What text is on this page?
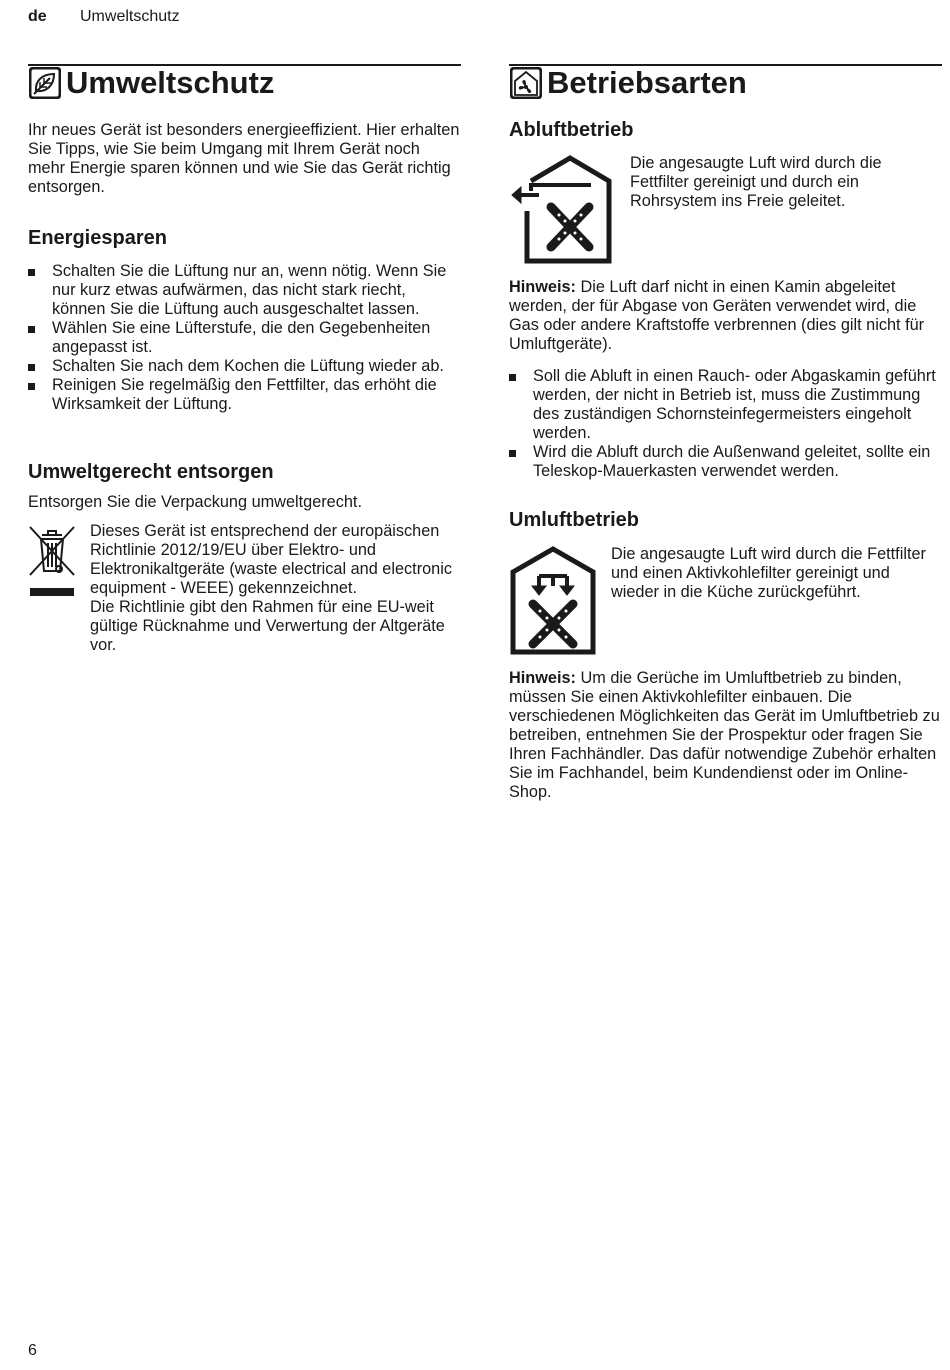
de Umweltschutz
Umweltschutz

Ihr neues Gerät ist besonders energieeffizient. Hier erhalten Sie Tipps, wie Sie beim Umgang mit Ihrem Gerät noch mehr Energie sparen können und wie Sie das Gerät richtig entsorgen.

Energiesparen
Schalten Sie die Lüftung nur an, wenn nötig. Wenn Sie nur kurz etwas aufwärmen, das nicht stark riecht, können Sie die Lüftung auch ausgeschaltet lassen.
Wählen Sie eine Lüfterstufe, die den Gegebenheiten angepasst ist.
Schalten Sie nach dem Kochen die Lüftung wieder ab.
Reinigen Sie regelmäßig den Fettfilter, das erhöht die Wirksamkeit der Lüftung.
Umweltgerecht entsorgen

Entsorgen Sie die Verpackung umweltgerecht.

Dieses Gerät ist entsprechend der europäischen Richtlinie 2012/19/EU über Elektro- und Elektronikaltgeräte (waste electrical and electronic equipment - WEEE) gekennzeichnet.

Die Richtlinie gibt den Rahmen für eine EU-weit gültige Rücknahme und Verwertung der Altgeräte vor.

Betriebsarten
Abluftbetrieb

Die angesaugte Luft wird durch die Fettfilter gereinigt und durch ein Rohrsystem ins Freie geleitet.

Hinweis: Die Luft darf nicht in einen Kamin abgeleitet werden, der für Abgase von Geräten verwendet wird, die Gas oder andere Kraftstoffe verbrennen (dies gilt nicht für Umluftgeräte).

Soll die Abluft in einen Rauch- oder Abgaskamin geführt werden, der nicht in Betrieb ist, muss die Zustimmung des zuständigen Schornsteinfegermeisters eingeholt werden.
Wird die Abluft durch die Außenwand geleitet, sollte ein Teleskop-Mauerkasten verwendet werden.
Umluftbetrieb

Die angesaugte Luft wird durch die Fettfilter und einen Aktivkohlefilter gereinigt und wieder in die Küche zurückgeführt.

Hinweis: Um die Gerüche im Umluftbetrieb zu binden, müssen Sie einen Aktivkohlefilter einbauen. Die verschiedenen Möglichkeiten das Gerät im Umluftbetrieb zu betreiben, entnehmen Sie der Prospektur oder fragen Sie Ihren Fachhändler. Das dafür notwendige Zubehör erhalten Sie im Fachhandel, beim Kundendienst oder im Online-Shop.

6
